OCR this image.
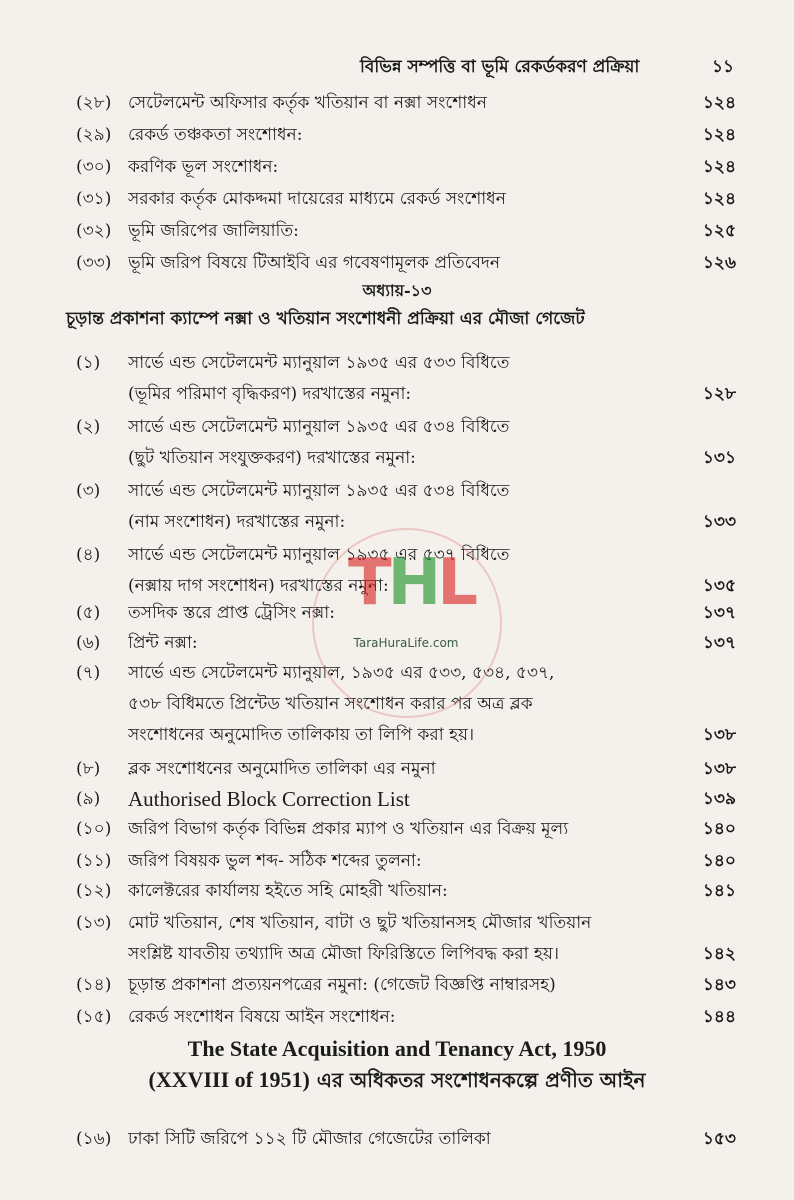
বিভিন্ন সম্পত্তি বা ভূমি রেকর্ডকরণ প্রক্রিয়া	১১
(২৮) সেটেলমেন্ট অফিসার কর্তৃক খতিয়ান বা নক্সা সংশোধন	১২৪
(২৯) রেকর্ড তঞ্চকতা সংশোধন:	১২৪
(৩০) করণিক ভূল সংশোধন:	১২৪
(৩১) সরকার কর্তৃক মোকদ্দমা দায়েরের মাধ্যমে রেকর্ড সংশোধন	১২৪
(৩২) ভূমি জরিপের জালিয়াতি:	১২৫
(৩৩) ভূমি জরিপ বিষয়ে টিআইবি এর গবেষণামূলক প্রতিবেদন	১২৬
অধ্যায়-১৩
চূড়ান্ত প্রকাশনা ক্যাম্পে নক্সা ও খতিয়ান সংশোধনী প্রক্রিয়া এর মৌজা গেজেট
(১) সার্ভে এন্ড সেটেলমেন্ট ম্যানুয়াল ১৯৩৫ এর ৫৩৩ বিধিতে
(ভূমির পরিমাণ বৃদ্ধিকরণ) দরখাস্তের নমুনা:	১২৮
(২) সার্ভে এন্ড সেটেলমেন্ট ম্যানুয়াল ১৯৩৫ এর ৫৩৪ বিধিতে
(ছুট খতিয়ান সংযুক্তকরণ) দরখাস্তের নমুনা:	১৩১
(৩) সার্ভে এন্ড সেটেলমেন্ট ম্যানুয়াল ১৯৩৫ এর ৫৩৪ বিধিতে
(নাম সংশোধন) দরখাস্তের নমুনা:	১৩৩
(৪) সার্ভে এন্ড সেটেলমেন্ট ম্যানুয়াল ১৯৩৫ এর ৫৩৭ বিধিতে
(নক্সায় দাগ সংশোধন) দরখাস্তের নমুনা:	১৩৫
(৫) তসদিক স্তরে প্রাপ্ত ট্রেসিং নক্সা:	১৩৭
(৬) প্রিন্ট নক্সা:	১৩৭
(৭) সার্ভে এন্ড সেটেলমেন্ট ম্যানুয়াল, ১৯৩৫ এর ৫৩৩, ৫৩৪, ৫৩৭,
৫৩৮ বিধিমতে প্রিন্টেড খতিয়ান সংশোধন করার পর অত্র ব্লক
সংশোধনের অনুমোদিত তালিকায় তা লিপি করা হয়।	১৩৮
(৮) ব্লক সংশোধনের অনুমোদিত তালিকা এর নমুনা	১৩৮
(৯) Authorised Block Correction List	১৩৯
(১০) জরিপ বিভাগ কর্তৃক বিভিন্ন প্রকার ম্যাপ ও খতিয়ান এর বিক্রয় মূল্য	১৪০
(১১) জরিপ বিষয়ক ভুল শব্দ- সঠিক শব্দের তুলনা:	১৪০
(১২) কালেক্টরের কার্যালয় হইতে সহি মোহরী খতিয়ান:	১৪১
(১৩) মোট খতিয়ান, শেষ খতিয়ান, বাটা ও ছুট খতিয়ানসহ মৌজার খতিয়ান
সংশ্লিষ্ট যাবতীয় তথ্যাদি অত্র মৌজা ফিরিস্তিতে লিপিবদ্ধ করা হয়।	১৪২
(১৪) চূড়ান্ত প্রকাশনা প্রত্যয়নপত্রের নমুনা: (গেজেট বিজ্ঞপ্তি নাম্বারসহ)	১৪৩
(১৫) রেকর্ড সংশোধন বিষয়ে আইন সংশোধন:	১৪৪
The State Acquisition and Tenancy Act, 1950
(XXVIII of 1951) এর অধিকতর সংশোধনকল্পে প্রণীত আইন
(১৬) ঢাকা সিটি জরিপে ১১২ টি মৌজার গেজেটের তালিকা	১৫৩
THL
TaraHuraLife.com
